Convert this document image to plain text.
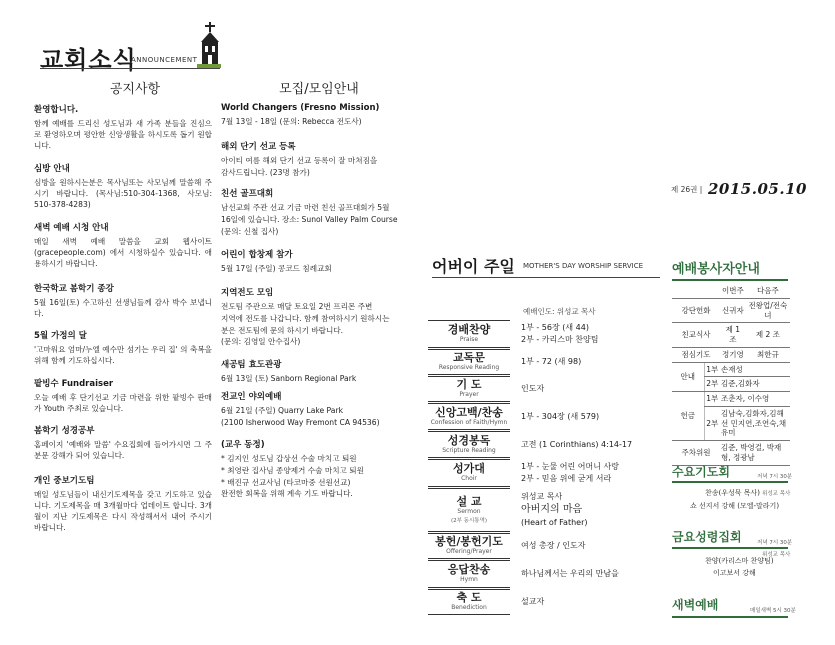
교회소식
ANNOUNCEMENT
공지사항	모집/모임안내
환영합니다.

함께 예배를 드리신 성도님과 새 가족 분들을 진심으로 환영하오며 평안한 신앙생활을 하시도록 돕기 원합니다.

심방 안내

심방을 원하시는분은 목사님또는 사모님께 말씀해 주시기 바랍니다. (목사님:510-304-1368, 사모님: 510-378-4283)

새벽 예배 시청 안내

매일 새벽 예배 말씀을 교회 웹사이트 (gracepeople.com) 에서 시청하실수 있습니다. 애용하시기 바랍니다.

한국학교 봄학기 종강

5월 16일(토) 수고하신 선생님들께 감사 박수 보냅니다.

5월 가정의 달

'고마워요 엄마/누엘 예수만 섬기는 우리 집' 의 축복을 위해 함께 기도하십시다.

팥빙수 Fundraiser

오늘 예배 후 단기선교 기금 마련을 위한 팥빙수 판매가 Youth 주최로 있습니다.

봄학기 성경공부

홈페이지 '예배와 말씀' 수요집회에 들어가시면 그 주 분문 강해가 되어 있습니다.

개인 중보기도팀

매일 성도님들이 내신기도제목을 갖고 기도하고 있습니다. 기도제목을 매 3개월마다 업데이트 합니다. 3개월이 지난 기도제목은 다시 작성해서서 내어 주시기 바랍니다.

World Changers (Fresno Mission)
7월 13일 - 18일 (문의: Rebecca 전도사)
해외 단기 선교 등록
아이티 여름 해외 단기 선교 등록이 잘 마쳐짐을
감사드립니다. (23명 참가)
친선 골프대회
남선교회 주관 선교 기금 마련 친선 골프대회가 5월
16일에 있습니다. 장소: Sunol Valley Palm Course
(문의: 신철 집사)
어린이 합창제 참가
5월 17일 (주일) 콩코드 침례교회
지역전도 모임
전도팀 주관으로 매달 토요일 2번 프리몬 주변
지역에 전도를 나갑니다. 함께 참여하시기 원하시는
분은 전도팀에 문의 하시기 바랍니다.
(문의: 김영일 안수집사)
새공팀 효도관광
6월 13일 (토) Sanborn Regional Park
전교인 야외예배
6월 21일 (주일) Quarry Lake Park
(2100 Isherwood Way Fremont CA 94536)
(교우 동정)
* 김지인 성도님 갑상선 수술 마치고 퇴원
* 최영란 집사님 종양제거 수술 마치고 퇴원
* 배진규 선교사님 (타코마중 선원선교)
완전한 회복을 위해 계속 기도 바랍니다.
제 26권 | 2015.05.10
어버이 주일 MOTHER'S DAY WORSHIP SERVICE
예배인도: 위성교 목사
경배찬양
Praise
1부 - 56장 (새 44)
2부 - 카리스마 찬양팀
교독문
Responsive Reading
1부 - 72 (새 98)
기 도
Prayer
인도자
신앙고백/찬송
Confession of Faith/Hymn
1부 - 304장 (새 579)
성경봉독
Scripture Reading
고전 (1 Corinthians) 4:14-17
성가대
Choir
1부 - 눈물 어린 어머니 사랑
2부 - 믿음 위에 굳게 서라
설 교
Sermon
(2부 동시통역)
위성교 목사
아버지의 마음
(Heart of Father)
봉헌/봉헌기도
Offering/Prayer
여성 총장 / 인도자
응답찬송
Hymn
하나님께서는 우리의 만남을
축 도
Benediction
설교자
예배봉사자안내
		이번주	다음주
강단헌화		신귀자	전왕업/전숙녀
친교식사		제 1 조	제 2 조
점심기도		정기영	최한규
안내	1부	손재성	
	2부	김준,김화자	
헌금	1부	조춘자, 이수영	
	2부	김남숙,김화자,김해선 민지연,조연숙,채유미	
주차위원		김준, 박영걸, 박재형, 정광남	
수요기도회	저녁 7시 30분
찬송(우성묵 목사) 위성교 목사
쇼 선지서 강해 (모엘-말라기)
금요성령집회	저녁 7시 30분
위성교 목사
찬양(카리스마 찬양팀)
이고보서 강해
새벽예배	매일새벽 5시 30분
